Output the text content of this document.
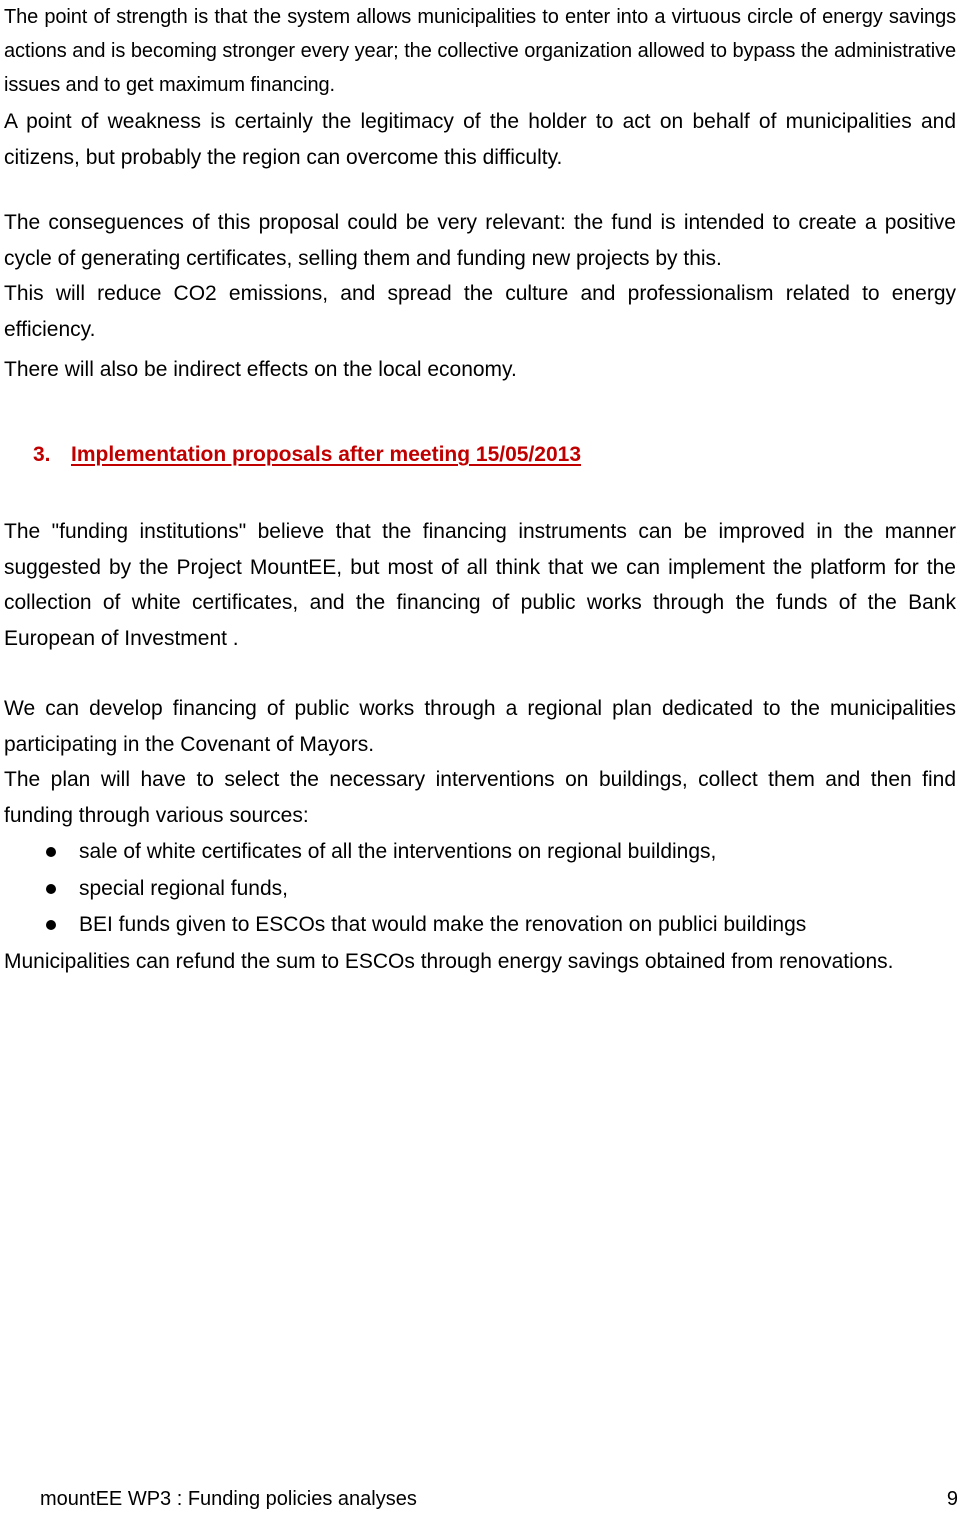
The point of strength is that the system allows municipalities to enter into a virtuous circle of energy savings actions and is becoming stronger every year; the collective organization allowed to bypass the administrative issues and to get maximum financing.

A point of weakness is certainly the legitimacy of the holder to act on behalf of municipalities and citizens, but probably the region can overcome this difficulty.

The conseguences of this proposal could be very relevant: the fund is intended to create a positive cycle of generating certificates, selling them and funding new projects by this.

This will reduce CO2 emissions, and spread the culture and professionalism related to energy efficiency.

There will also be indirect effects on the local economy.

3. Implementation proposals after meeting 15/05/2013

The "funding institutions" believe that the financing instruments can be improved in the manner suggested by the Project MountEE, but most of all think that we can implement the platform for the collection of white certificates, and the financing of public works through the funds of the Bank European of Investment .

We can develop financing of public works through a regional plan dedicated to the municipalities participating in the Covenant of Mayors.

The plan will have to select the necessary interventions on buildings, collect them and then find funding through various sources:

sale of white certificates of all the interventions on regional buildings,
special regional funds,
BEI funds given to ESCOs that would make the renovation on publici buildings

Municipalities can refund the sum to ESCOs through energy savings obtained from renovations.

mountEE WP3 : Funding policies analyses	9
